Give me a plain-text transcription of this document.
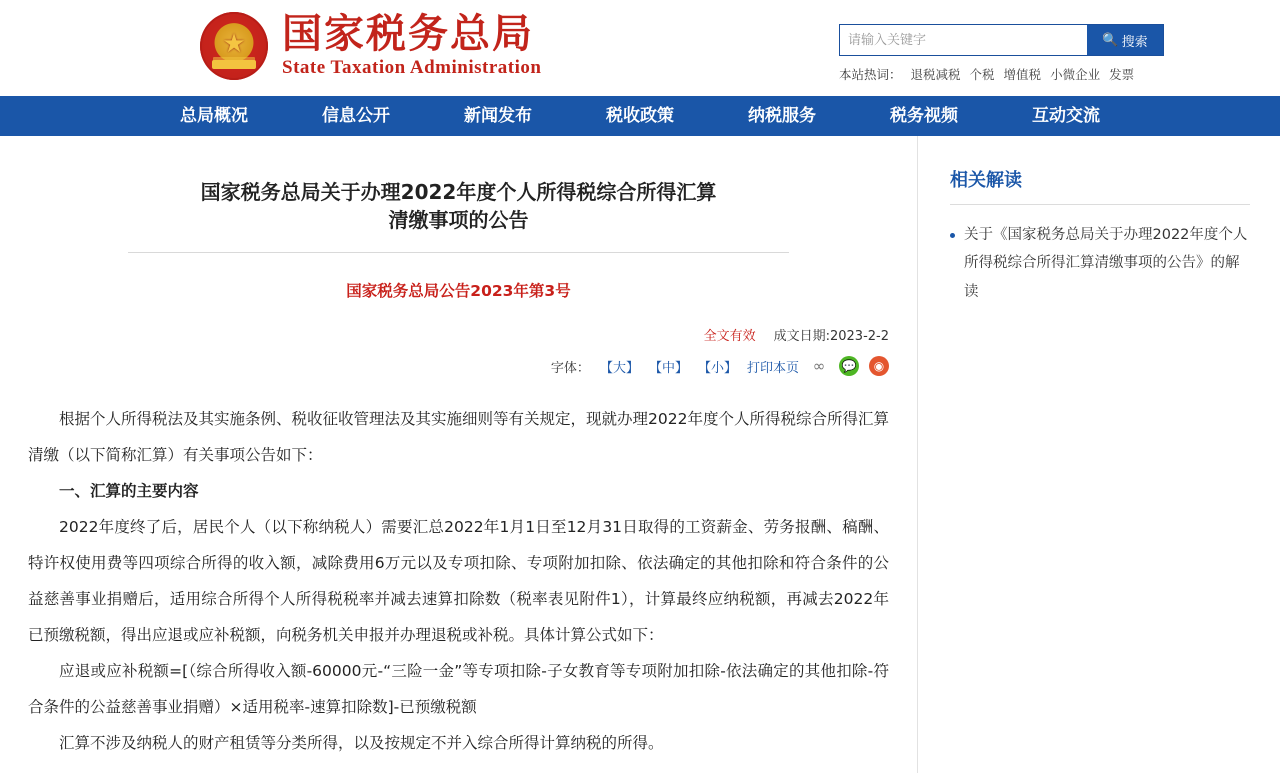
★
国家税务总局
State Taxation Administration
请输入关键字
🔍 搜索
本站热词： 退税减税 个税 增值税 小微企业 发票
总局概况	信息公开	新闻发布	税收政策	纳税服务	税务视频	互动交流
国家税务总局关于办理2022年度个人所得税综合所得汇算清缴事项的公告
国家税务总局公告2023年第3号
全文有效 成文日期:2023-2-2
字体： 【大】 【中】 【小】 打印本页 ∞	💬	◉

根据个人所得税法及其实施条例、税收征收管理法及其实施细则等有关规定，现就办理2022年度个人所得税综合所得汇算清缴（以下简称汇算）有关事项公告如下：

一、汇算的主要内容

2022年度终了后，居民个人（以下称纳税人）需要汇总2022年1月1日至12月31日取得的工资薪金、劳务报酬、稿酬、特许权使用费等四项综合所得的收入额，减除费用6万元以及专项扣除、专项附加扣除、依法确定的其他扣除和符合条件的公益慈善事业捐赠后，适用综合所得个人所得税税率并减去速算扣除数（税率表见附件1），计算最终应纳税额，再减去2022年已预缴税额，得出应退或应补税额，向税务机关申报并办理退税或补税。具体计算公式如下：

应退或应补税额=[（综合所得收入额-60000元-“三险一金”等专项扣除-子女教育等专项附加扣除-依法确定的其他扣除-符合条件的公益慈善事业捐赠）×适用税率-速算扣除数]-已预缴税额

汇算不涉及纳税人的财产租赁等分类所得，以及按规定不并入综合所得计算纳税的所得。

相关解读
关于《国家税务总局关于办理2022年度个人所得税综合所得汇算清缴事项的公告》的解读
